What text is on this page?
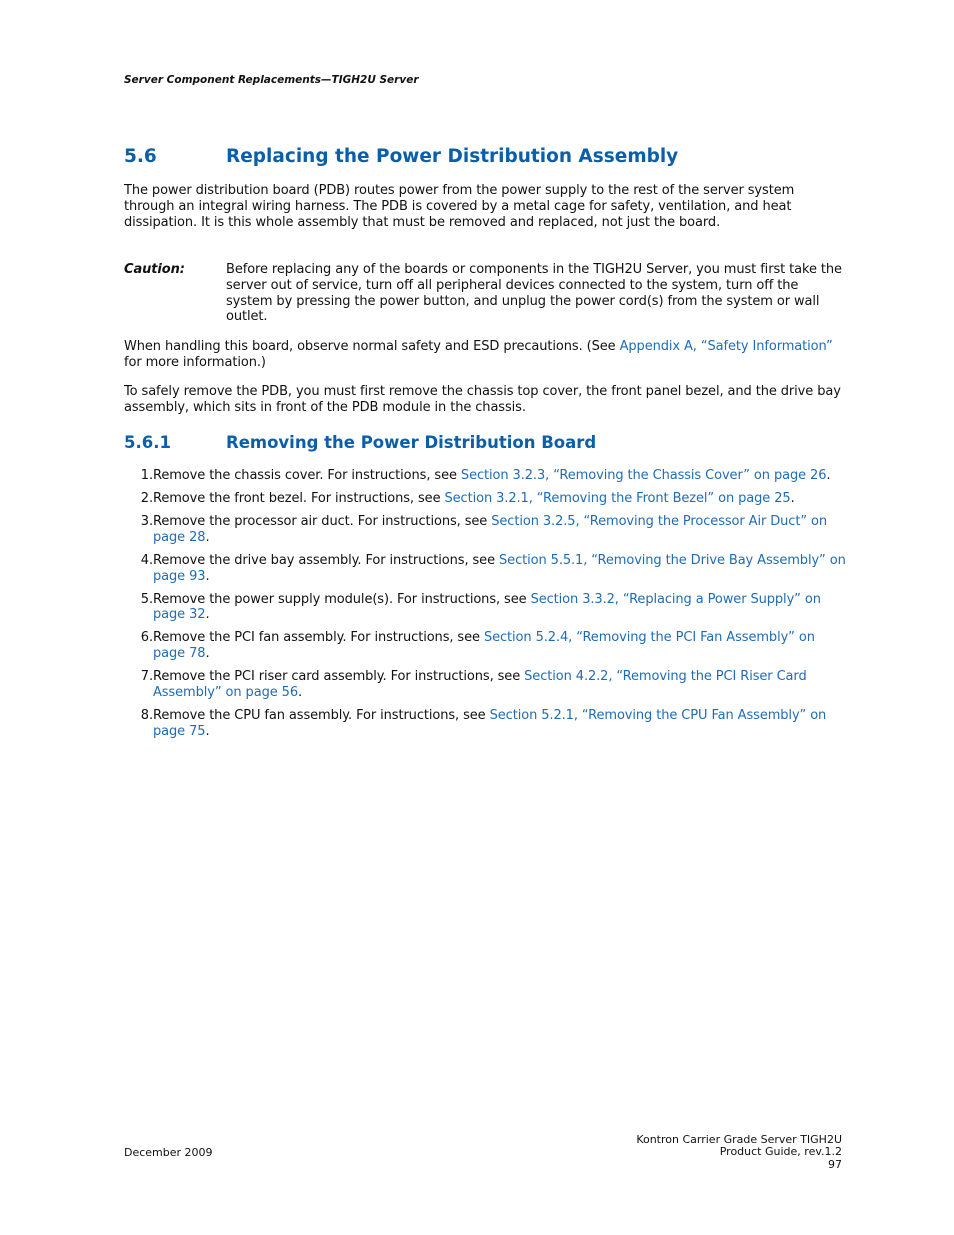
Server Component Replacements—TIGH2U Server
5.6	Replacing the Power Distribution Assembly

The power distribution board (PDB) routes power from the power supply to the rest of the server system through an integral wiring harness. The PDB is covered by a metal cage for safety, ventilation, and heat dissipation. It is this whole assembly that must be removed and replaced, not just the board.

Caution:	Before replacing any of the boards or components in the TIGH2U Server, you must first take the server out of service, turn off all peripheral devices connected to the system, turn off the system by pressing the power button, and unplug the power cord(s) from the system or wall outlet.

When handling this board, observe normal safety and ESD precautions. (See Appendix A, “Safety Information” for more information.)

To safely remove the PDB, you must first remove the chassis top cover, the front panel bezel, and the drive bay assembly, which sits in front of the PDB module in the chassis.

5.6.1	Removing the Power Distribution Board
1. Remove the chassis cover. For instructions, see Section 3.2.3, “Removing the Chassis Cover” on page 26.
2. Remove the front bezel. For instructions, see Section 3.2.1, “Removing the Front Bezel” on page 25.
3. Remove the processor air duct. For instructions, see Section 3.2.5, “Removing the Processor Air Duct” on page 28.
4. Remove the drive bay assembly. For instructions, see Section 5.5.1, “Removing the Drive Bay Assembly” on page 93.
5. Remove the power supply module(s). For instructions, see Section 3.3.2, “Replacing a Power Supply” on page 32.
6. Remove the PCI fan assembly. For instructions, see Section 5.2.4, “Removing the PCI Fan Assembly” on page 78.
7. Remove the PCI riser card assembly. For instructions, see Section 4.2.2, “Removing the PCI Riser Card Assembly” on page 56.
8. Remove the CPU fan assembly. For instructions, see Section 5.2.1, “Removing the CPU Fan Assembly” on page 75.
December 2009
Kontron Carrier Grade Server TIGH2U
Product Guide, rev.1.2
97
